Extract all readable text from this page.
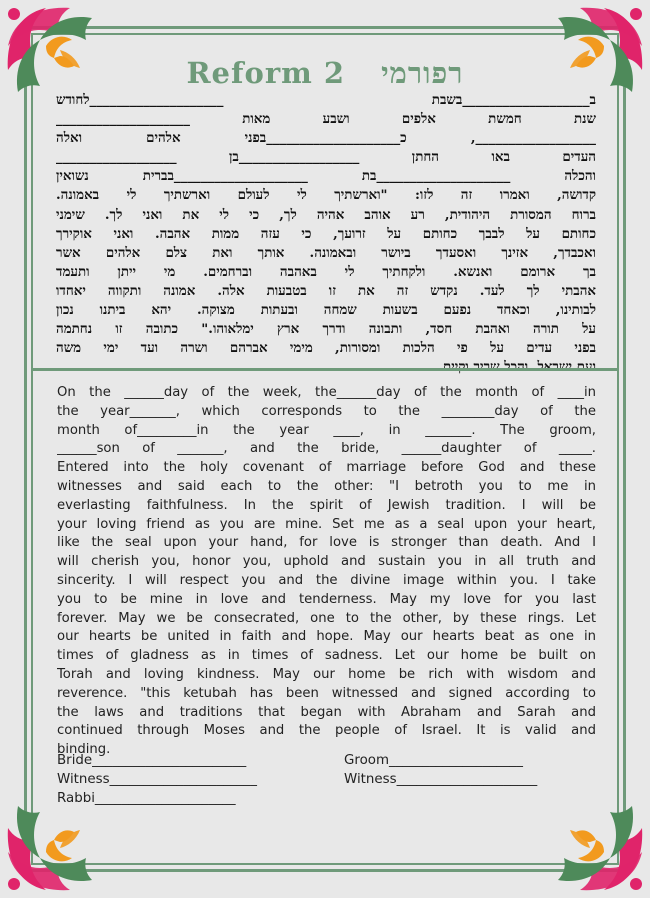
Reform 2 רפורמי
ב___________________בשבת ____________________לחודש
שנת חמשת אלפים ושבע מאות ____________________
__________________, כ____________________בפני אלהים ואלה
העדים באו החתן __________________בן __________________
והכלה ____________________בת ____________________בברית נשואין
קדושה, ואמרו זה לזו: "וארשתיך לי לעולם וארשתיך לי באמונה.
ברוח המסורת היהודית, רע אוהב אהיה לך, כי לי את ואני לך. שימני
כחותם על לבבך כחותם על זרועך, כי עזה ממות אהבה. ואני אוקירך
ואכבדך, אזינך ואסעדך ביושר ובאמונה. אותך ואת צלם אלהים אשר
בך ארומם ואנשא. ולקחתיך לי באהבה וברחמים. מי ייתן ותעמד
אהבתי לך לעד. נקדש זה את זו בטבעות אלה. אמונה ותקווה יאחדו
לבותינו, וכאחד נפעם בשעות שמחה ובעתות מצוקה. יהא ביתנו נכון
על תורה ואהבת חסד, ותבונה ודרך ארץ ימלאוהו." כתובה זו נחתמה
בפני עדים על פי הלכות ומסורות, מימי אברהם ושרה ועד ימי משה
On the ______day of the week, the______day of the month of ____in
the year_______, which corresponds to the ________day of the
month of_________in the year ____, in _______. The groom,
______son of _______, and the bride, ______daughter of _____.
Entered into the holy covenant of marriage before God and these
witnesses and said each to the other: "I betroth you to me in
everlasting faithfulness. In the spirit of Jewish tradition. I will be
your loving friend as you are mine. Set me as a seal upon your heart,
like the seal upon your hand, for love is stronger than death. And I
will cherish you, honor you, uphold and sustain you in all truth and
sincerity. I will respect you and the divine image within you. I take
you to be mine in love and tenderness. May my love for you last
forever. May we be consecrated, one to the other, by these rings. Let
our hearts be united in faith and hope. May our hearts beat as one in
times of gladness as in times of sadness. Let our home be built on
Torah and loving kindness. May our home be rich with wisdom and
reverence. "this ketubah has been witnessed and signed according to
the laws and traditions that began with Abraham and Sarah and
continued through Moses and the people of Israel. It is valid and
binding.
Bride_______________________	Groom____________________
Witness______________________	Witness_____________________
Rabbi_____________________
